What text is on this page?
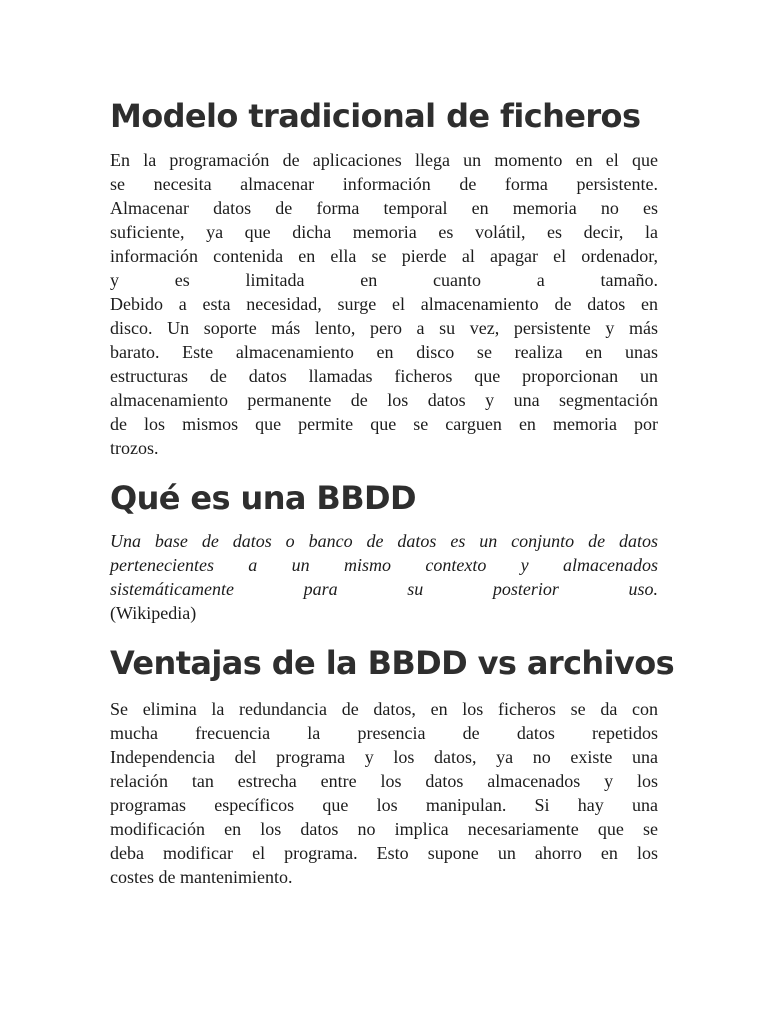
Modelo tradicional de ficheros

En la programación de aplicaciones llega un momento en el que
se necesita almacenar información de forma persistente.
Almacenar datos de forma temporal en memoria no es
suficiente, ya que dicha memoria es volátil, es decir, la
información contenida en ella se pierde al apagar el ordenador,
y es limitada en cuanto a tamaño.
Debido a esta necesidad, surge el almacenamiento de datos en
disco. Un soporte más lento, pero a su vez, persistente y más
barato. Este almacenamiento en disco se realiza en unas
estructuras de datos llamadas ficheros que proporcionan un
almacenamiento permanente de los datos y una segmentación
de los mismos que permite que se carguen en memoria por
trozos.

Qué es una BBDD

Una base de datos o banco de datos es un conjunto de datos
pertenecientes a un mismo contexto y almacenados
sistemáticamente para su posterior uso.
(Wikipedia)

Ventajas de la BBDD vs archivos

Se elimina la redundancia de datos, en los ficheros se da con
mucha frecuencia la presencia de datos repetidos
Independencia del programa y los datos, ya no existe una
relación tan estrecha entre los datos almacenados y los
programas específicos que los manipulan. Si hay una
modificación en los datos no implica necesariamente que se
deba modificar el programa. Esto supone un ahorro en los
costes de mantenimiento.
